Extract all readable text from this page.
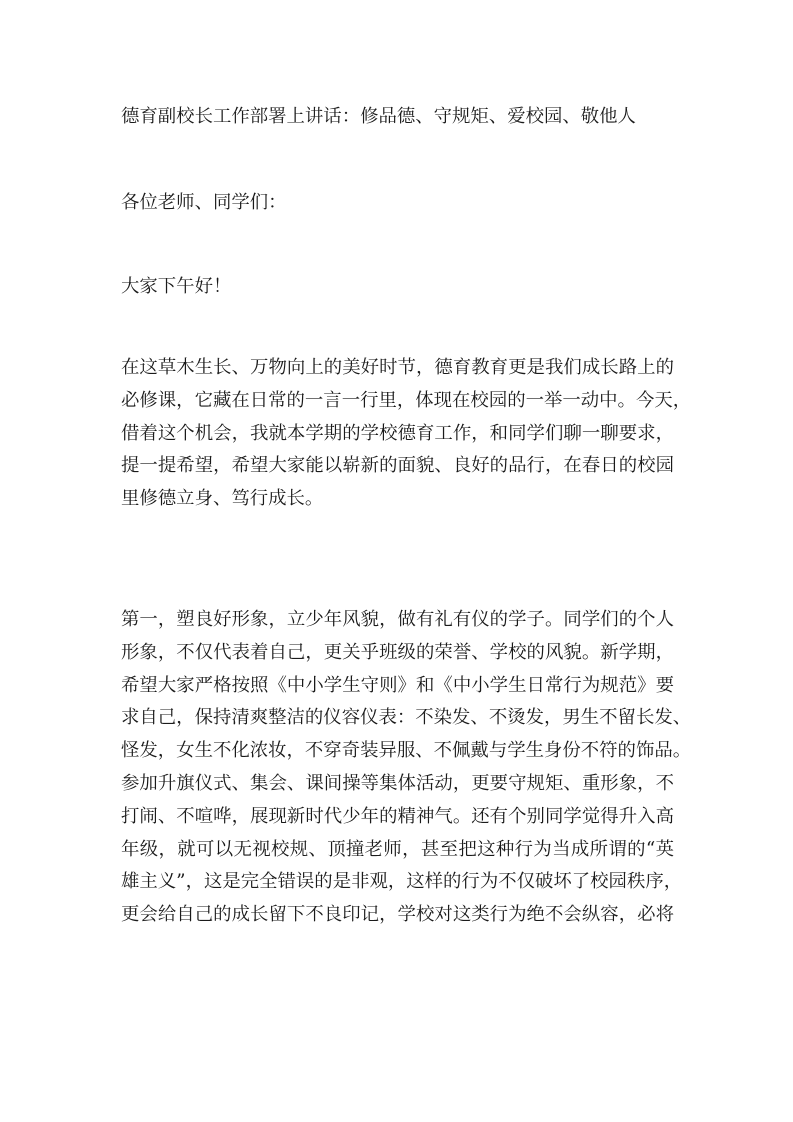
德育副校长工作部署上讲话：修品德、守规矩、爱校园、敬他人
各位老师、同学们：
大家下午好！
在这草木生长、万物向上的美好时节，德育教育更是我们成长路上的
必修课，它藏在日常的一言一行里，体现在校园的一举一动中。今天，
借着这个机会，我就本学期的学校德育工作，和同学们聊一聊要求，
提一提希望，希望大家能以崭新的面貌、良好的品行，在春日的校园
里修德立身、笃行成长。
第一，塑良好形象，立少年风貌，做有礼有仪的学子。同学们的个人
形象，不仅代表着自己，更关乎班级的荣誉、学校的风貌。新学期，
希望大家严格按照《中小学生守则》和《中小学生日常行为规范》要
求自己，保持清爽整洁的仪容仪表：不染发、不烫发，男生不留长发、
怪发，女生不化浓妆，不穿奇装异服、不佩戴与学生身份不符的饰品。
参加升旗仪式、集会、课间操等集体活动，更要守规矩、重形象，不
打闹、不喧哗，展现新时代少年的精神气。还有个别同学觉得升入高
年级，就可以无视校规、顶撞老师，甚至把这种行为当成所谓的“英
雄主义”，这是完全错误的是非观，这样的行为不仅破坏了校园秩序，
更会给自己的成长留下不良印记，学校对这类行为绝不会纵容，必将
